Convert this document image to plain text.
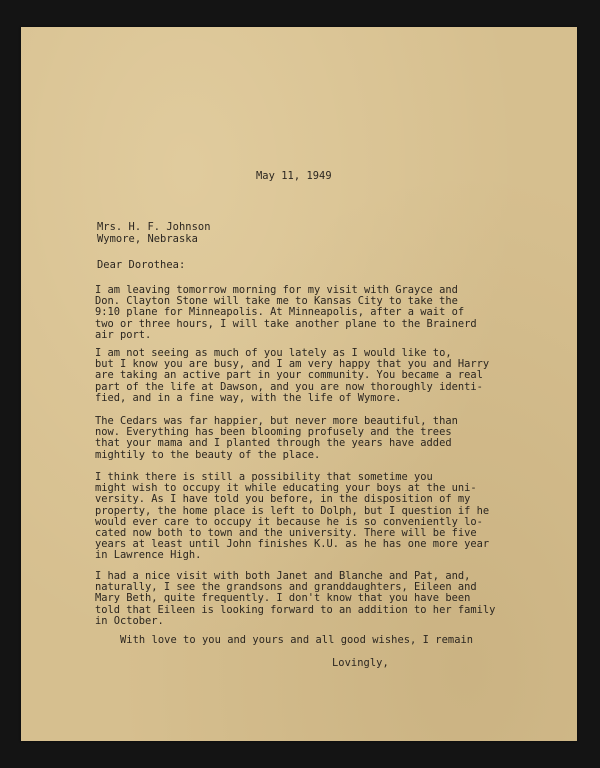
May 11, 1949
Mrs. H. F. Johnson
Wymore, Nebraska
Dear Dorothea:
I am leaving tomorrow morning for my visit with Grayce and
Don. Clayton Stone will take me to Kansas City to take the
9:10 plane for Minneapolis. At Minneapolis, after a wait of
two or three hours, I will take another plane to the Brainerd
air port.
I am not seeing as much of you lately as I would like to,
but I know you are busy, and I am very happy that you and Harry
are taking an active part in your community. You became a real
part of the life at Dawson, and you are now thoroughly identi-
fied, and in a fine way, with the life of Wymore.
The Cedars was far happier, but never more beautiful, than
now. Everything has been blooming profusely and the trees
that your mama and I planted through the years have added
mightily to the beauty of the place.
I think there is still a possibility that sometime you
might wish to occupy it while educating your boys at the uni-
versity. As I have told you before, in the disposition of my
property, the home place is left to Dolph, but I question if he
would ever care to occupy it because he is so conveniently lo-
cated now both to town and the university. There will be five
years at least until John finishes K.U. as he has one more year
in Lawrence High.
I had a nice visit with both Janet and Blanche and Pat, and,
naturally, I see the grandsons and granddaughters, Eileen and
Mary Beth, quite frequently. I don't know that you have been
told that Eileen is looking forward to an addition to her family
in October.
With love to you and yours and all good wishes, I remain
Lovingly,
